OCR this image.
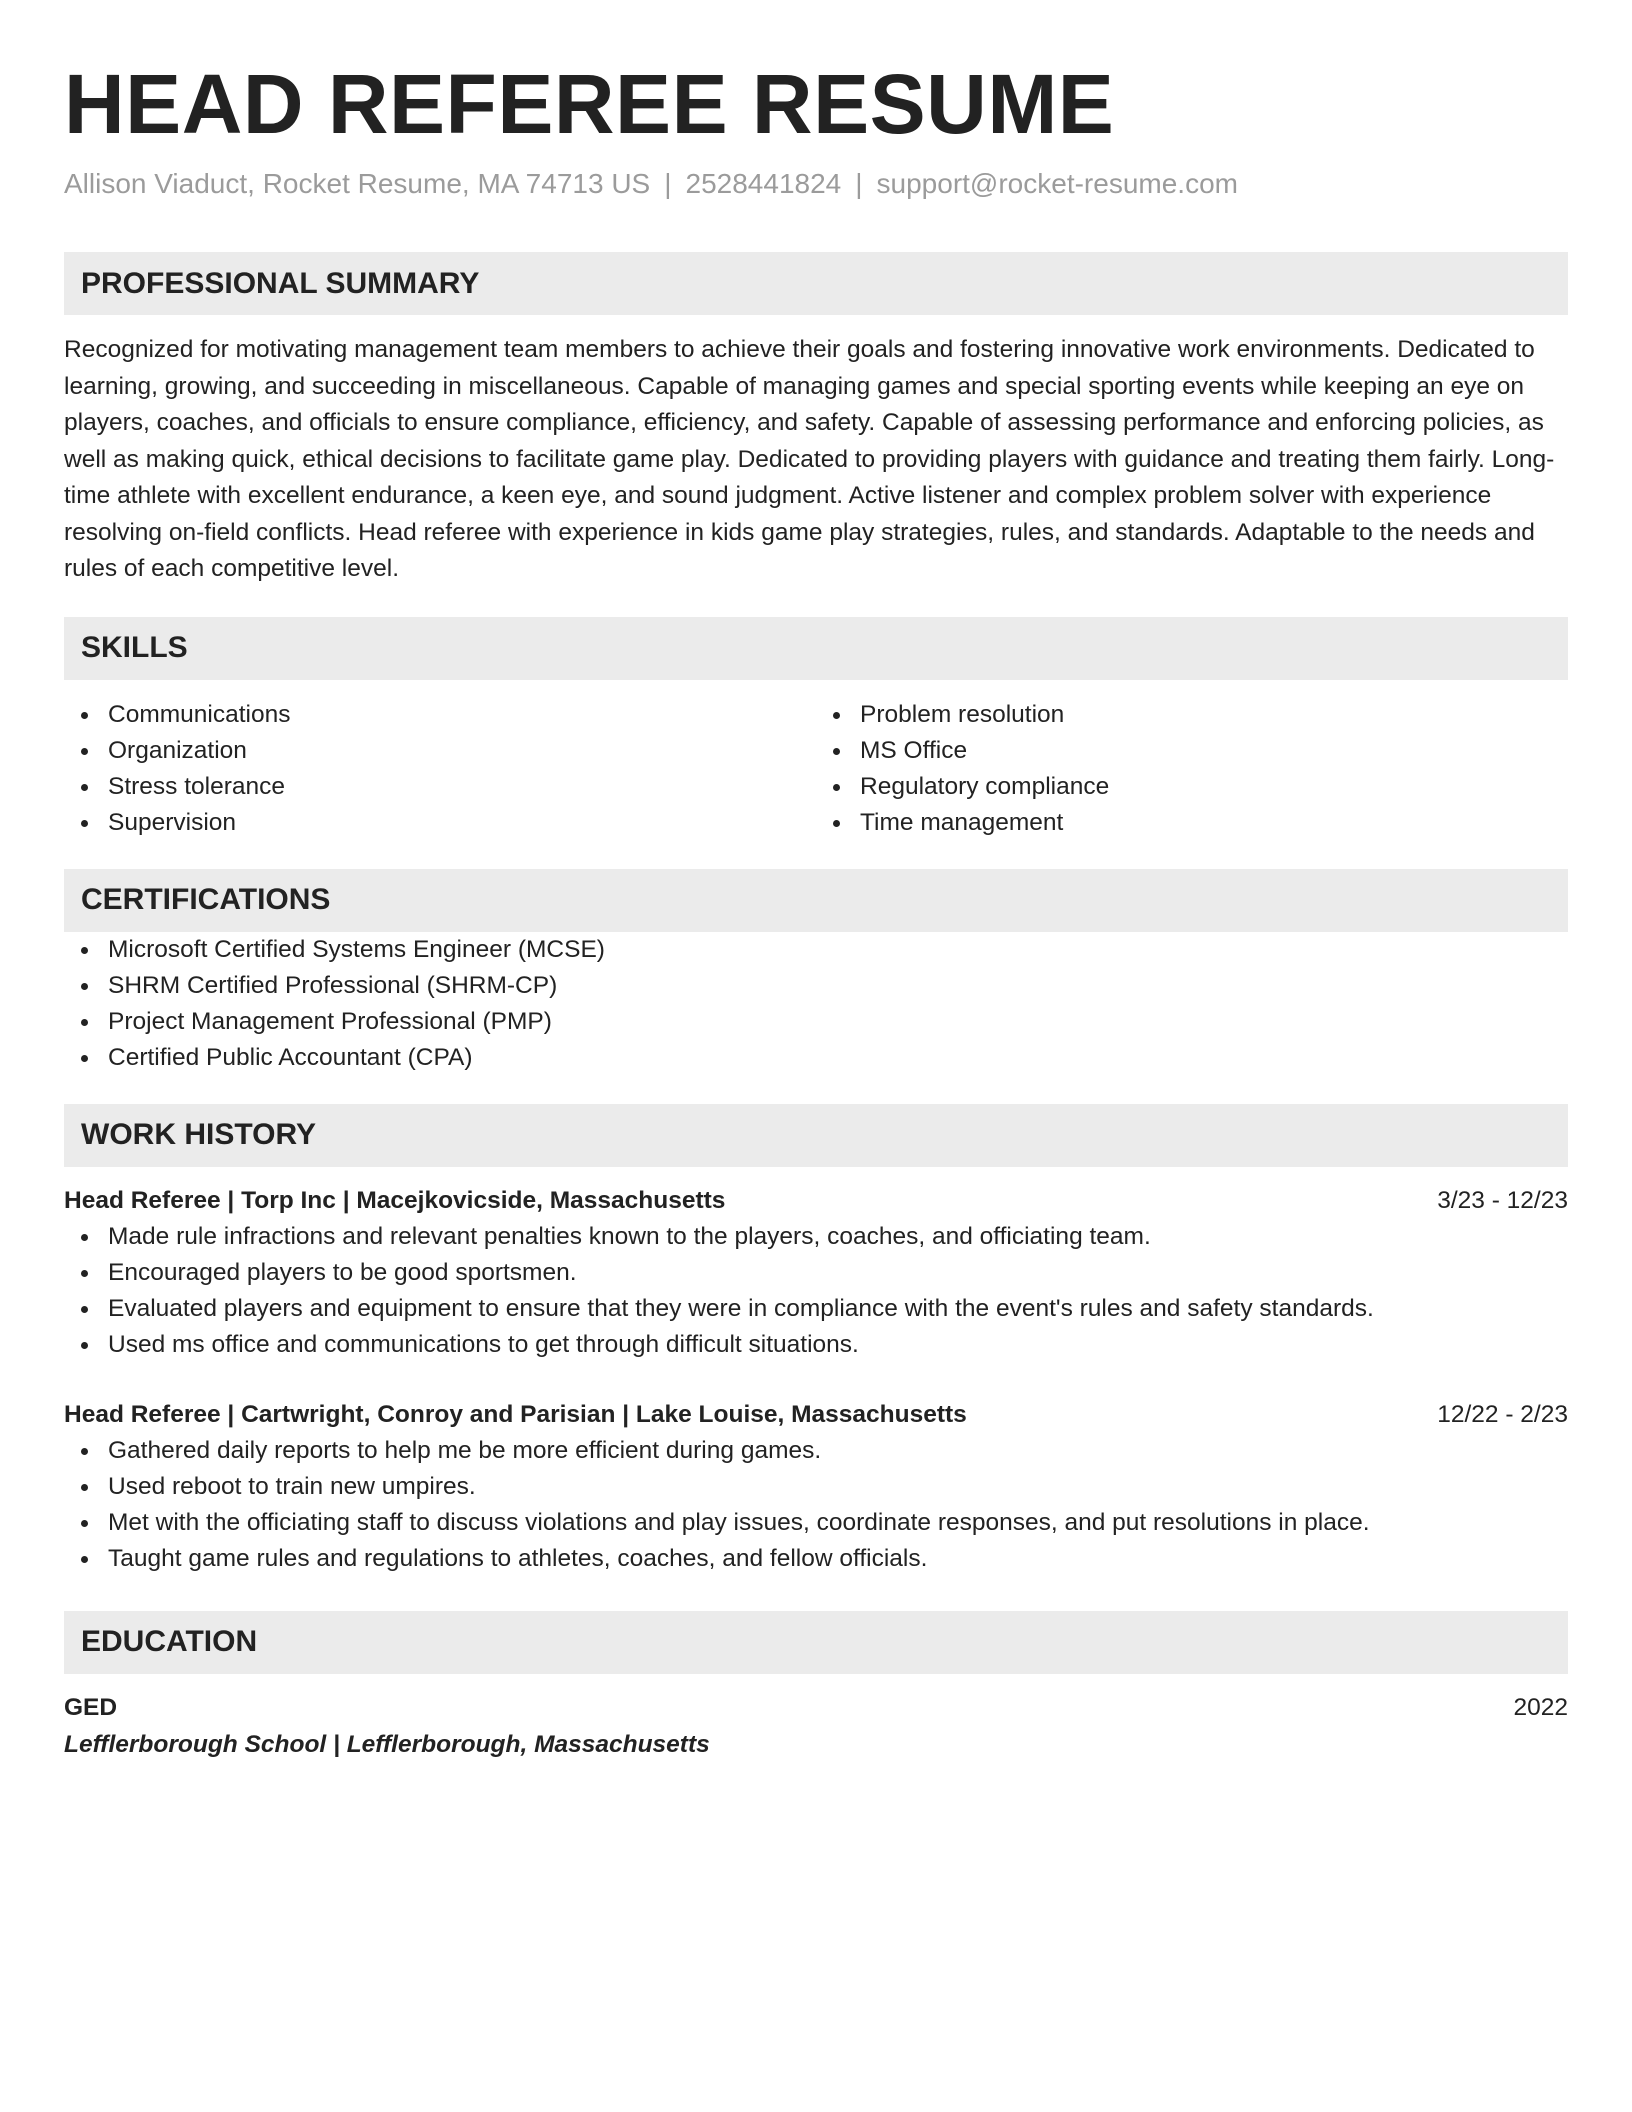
HEAD REFEREE RESUME
Allison Viaduct, Rocket Resume, MA 74713 US | 2528441824 | support@rocket-resume.com
PROFESSIONAL SUMMARY

Recognized for motivating management team members to achieve their goals and fostering innovative work environments. Dedicated to learning, growing, and succeeding in miscellaneous. Capable of managing games and special sporting events while keeping an eye on players, coaches, and officials to ensure compliance, efficiency, and safety. Capable of assessing performance and enforcing policies, as well as making quick, ethical decisions to facilitate game play. Dedicated to providing players with guidance and treating them fairly. Long-time athlete with excellent endurance, a keen eye, and sound judgment. Active listener and complex problem solver with experience resolving on-field conflicts. Head referee with experience in kids game play strategies, rules, and standards. Adaptable to the needs and rules of each competitive level.

SKILLS
Communications
Organization
Stress tolerance
Supervision
Problem resolution
MS Office
Regulatory compliance
Time management
CERTIFICATIONS
Microsoft Certified Systems Engineer (MCSE)
SHRM Certified Professional (SHRM-CP)
Project Management Professional (PMP)
Certified Public Accountant (CPA)
WORK HISTORY
Head Referee | Torp Inc | Macejkovicside, Massachusetts	3/23 - 12/23
Made rule infractions and relevant penalties known to the players, coaches, and officiating team.
Encouraged players to be good sportsmen.
Evaluated players and equipment to ensure that they were in compliance with the event's rules and safety standards.
Used ms office and communications to get through difficult situations.
Head Referee | Cartwright, Conroy and Parisian | Lake Louise, Massachusetts	12/22 - 2/23
Gathered daily reports to help me be more efficient during games.
Used reboot to train new umpires.
Met with the officiating staff to discuss violations and play issues, coordinate responses, and put resolutions in place.
Taught game rules and regulations to athletes, coaches, and fellow officials.
EDUCATION
GED	2022
Lefflerborough School | Lefflerborough, Massachusetts
